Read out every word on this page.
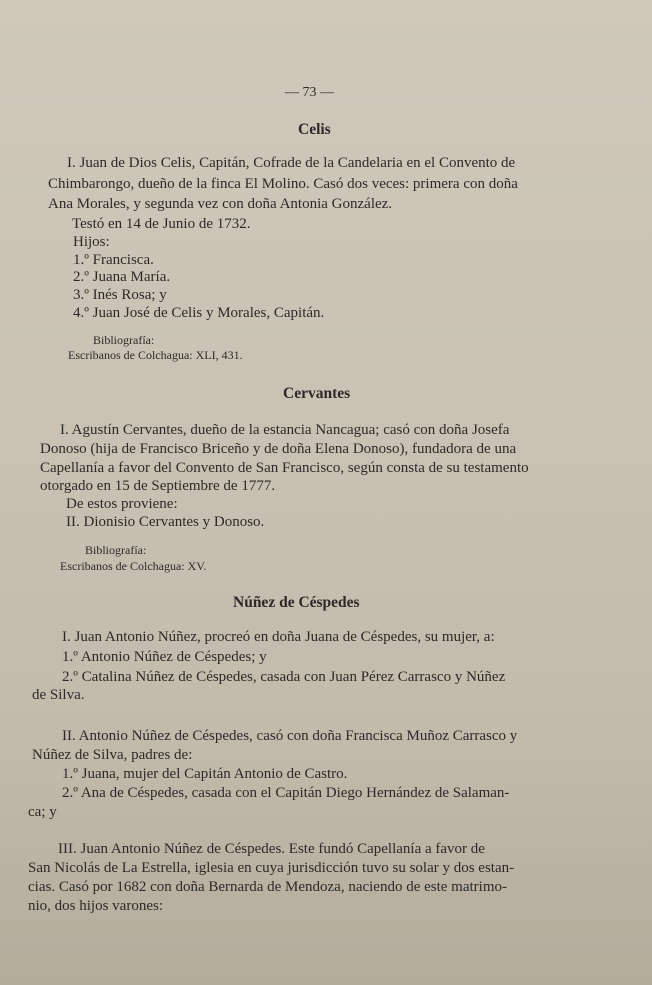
— 73 —
Celis
I. Juan de Dios Celis, Capitán, Cofrade de la Candelaria en el Convento de
Chimbarongo, dueño de la finca El Molino. Casó dos veces: primera con doña
Ana Morales, y segunda vez con doña Antonia González.
Testó en 14 de Junio de 1732.
Hijos:
1.º Francisca.
2.º Juana María.
3.º Inés Rosa; y
4.º Juan José de Celis y Morales, Capitán.
Bibliografía:
Escribanos de Colchagua: XLI, 431.
Cervantes
I. Agustín Cervantes, dueño de la estancia Nancagua; casó con doña Josefa
Donoso (hija de Francisco Briceño y de doña Elena Donoso), fundadora de una
Capellanía a favor del Convento de San Francisco, según consta de su testamento
otorgado en 15 de Septiembre de 1777.
De estos proviene:
II. Dionisio Cervantes y Donoso.
Bibliografía:
Escribanos de Colchagua: XV.
Núñez de Céspedes
I. Juan Antonio Núñez, procreó en doña Juana de Céspedes, su mujer, a:
1.º Antonio Núñez de Céspedes; y
2.º Catalina Núñez de Céspedes, casada con Juan Pérez Carrasco y Núñez
de Silva.
II. Antonio Núñez de Céspedes, casó con doña Francisca Muñoz Carrasco y
Núñez de Silva, padres de:
1.º Juana, mujer del Capitán Antonio de Castro.
2.º Ana de Céspedes, casada con el Capitán Diego Hernández de Salaman-
ca; y
III. Juan Antonio Núñez de Céspedes. Este fundó Capellanía a favor de
San Nicolás de La Estrella, iglesia en cuya jurisdicción tuvo su solar y dos estan-
cias. Casó por 1682 con doña Bernarda de Mendoza, naciendo de este matrimo-
nio, dos hijos varones:
